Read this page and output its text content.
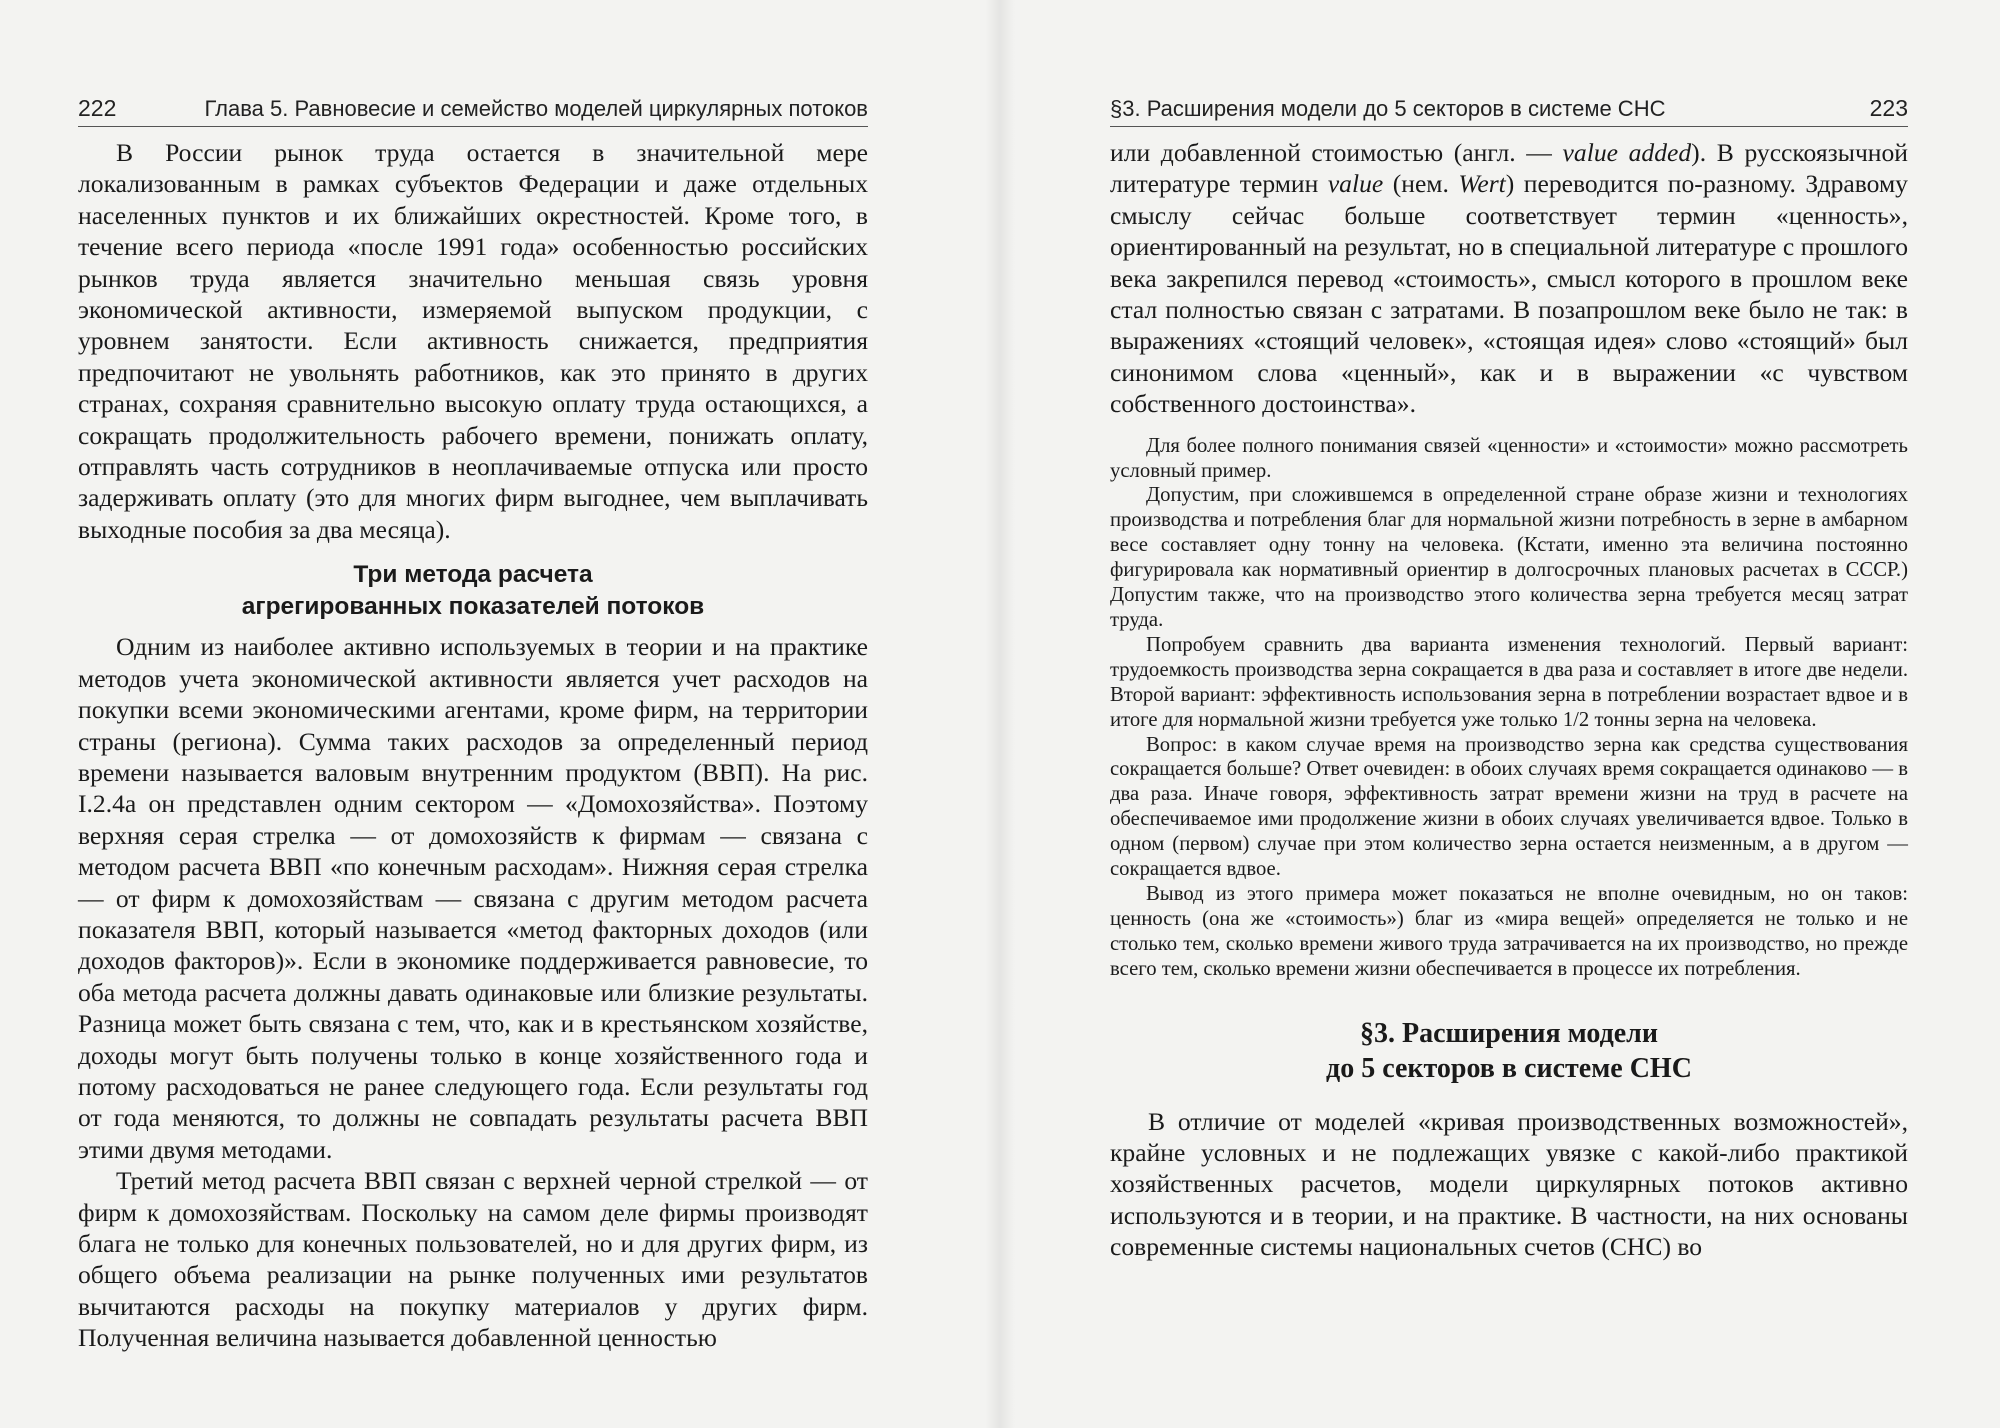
222	Глава 5. Равновесие и семейство моделей циркулярных потоков

В России рынок труда остается в значительной мере локализованным в рамках субъектов Федерации и даже отдельных населенных пунктов и их ближайших окрестностей. Кроме того, в течение всего периода «после 1991 года» особенностью российских рынков труда является значительно меньшая связь уровня экономической активности, измеряемой выпуском продукции, с уровнем занятости. Если активность снижается, предприятия предпочитают не увольнять работников, как это принято в других странах, сохраняя сравнительно высокую оплату труда остающихся, а сокращать продолжительность рабочего времени, понижать оплату, отправлять часть сотрудников в неоплачиваемые отпуска или просто задерживать оплату (это для многих фирм выгоднее, чем выплачивать выходные пособия за два месяца).

Три метода расчета
агрегированных показателей потоков

Одним из наиболее активно используемых в теории и на практике методов учета экономической активности является учет расходов на покупки всеми экономическими агентами, кроме фирм, на территории страны (региона). Сумма таких расходов за определенный период времени называется валовым внутренним продуктом (ВВП). На рис. I.2.4а он представлен одним сектором — «Домохозяйства». Поэтому верхняя серая стрелка — от домохозяйств к фирмам — связана с методом расчета ВВП «по конечным расходам». Нижняя серая стрелка — от фирм к домохозяйствам — связана с другим методом расчета показателя ВВП, который называется «метод факторных доходов (или доходов факторов)». Если в экономике поддерживается равновесие, то оба метода расчета должны давать одинаковые или близкие результаты. Разница может быть связана с тем, что, как и в крестьянском хозяйстве, доходы могут быть получены только в конце хозяйственного года и потому расходоваться не ранее следующего года. Если результаты год от года меняются, то должны не совпадать результаты расчета ВВП этими двумя методами.

Третий метод расчета ВВП связан с верхней черной стрелкой — от фирм к домохозяйствам. Поскольку на самом деле фирмы производят блага не только для конечных пользователей, но и для других фирм, из общего объема реализации на рынке полученных ими результатов вычитаются расходы на покупку материалов у других фирм. Полученная величина называется добавленной ценностью

§3. Расширения модели до 5 секторов в системе СНС	223

или добавленной стоимостью (англ. — value added). В русскоязычной литературе термин value (нем. Wert) переводится по-разному. Здравому смыслу сейчас больше соответствует термин «ценность», ориентированный на результат, но в специальной литературе с прошлого века закрепился перевод «стоимость», смысл которого в прошлом веке стал полностью связан с затратами. В позапрошлом веке было не так: в выражениях «стоящий человек», «стоящая идея» слово «стоящий» был синонимом слова «ценный», как и в выражении «с чувством собственного достоинства».

Для более полного понимания связей «ценности» и «стоимости» можно рассмотреть условный пример.

Допустим, при сложившемся в определенной стране образе жизни и технологиях производства и потребления благ для нормальной жизни потребность в зерне в амбарном весе составляет одну тонну на человека. (Кстати, именно эта величина постоянно фигурировала как нормативный ориентир в долгосрочных плановых расчетах в СССР.) Допустим также, что на производство этого количества зерна требуется месяц затрат труда.

Попробуем сравнить два варианта изменения технологий. Первый вариант: трудоемкость производства зерна сокращается в два раза и составляет в итоге две недели. Второй вариант: эффективность использования зерна в потреблении возрастает вдвое и в итоге для нормальной жизни требуется уже только 1/2 тонны зерна на человека.

Вопрос: в каком случае время на производство зерна как средства существования сокращается больше? Ответ очевиден: в обоих случаях время сокращается одинаково — в два раза. Иначе говоря, эффективность затрат времени жизни на труд в расчете на обеспечиваемое ими продолжение жизни в обоих случаях увеличивается вдвое. Только в одном (первом) случае при этом количество зерна остается неизменным, а в другом — сокращается вдвое.

Вывод из этого примера может показаться не вполне очевидным, но он таков: ценность (она же «стоимость») благ из «мира вещей» определяется не только и не столько тем, сколько времени живого труда затрачивается на их производство, но прежде всего тем, сколько времени жизни обеспечивается в процессе их потребления.

§3. Расширения модели
до 5 секторов в системе СНС

В отличие от моделей «кривая производственных возможностей», крайне условных и не подлежащих увязке с какой-либо практикой хозяйственных расчетов, модели циркулярных потоков активно используются и в теории, и на практике. В частности, на них основаны современные системы национальных счетов (СНС) во
